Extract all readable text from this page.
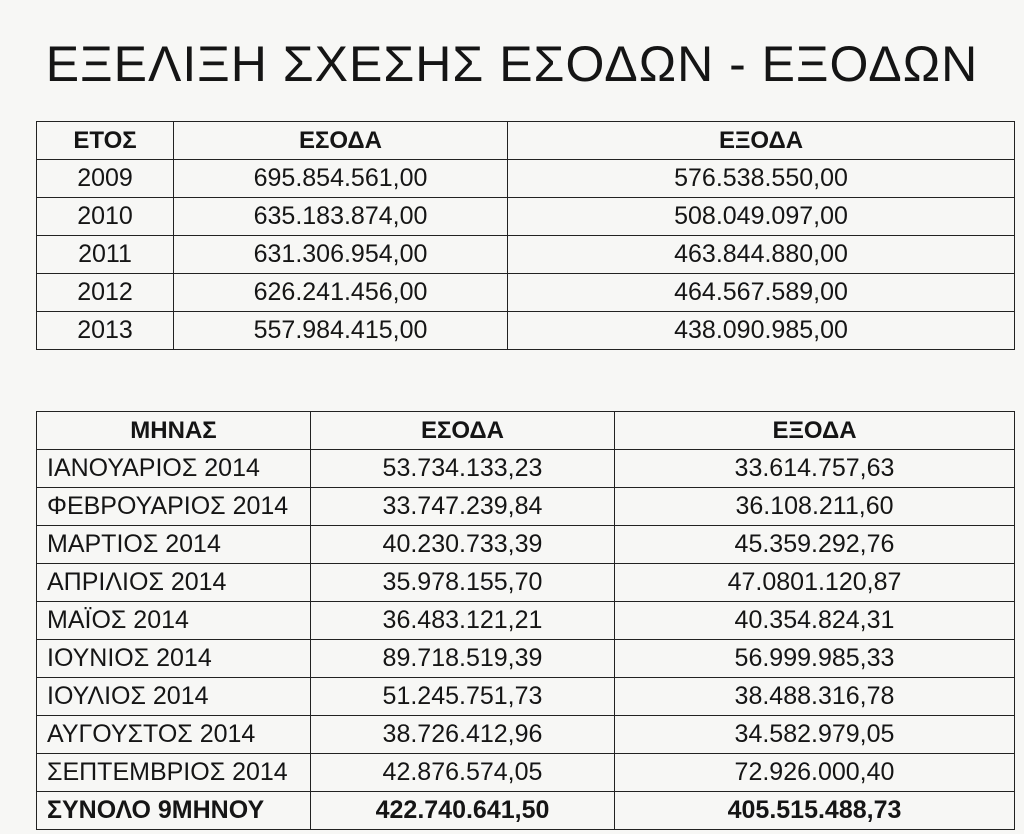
ΕΞΕΛΙΞΗ ΣΧΕΣΗΣ ΕΣΟΔΩΝ - ΕΞΟΔΩΝ
ΕΤΟΣ	ΕΣΟΔΑ	ΕΞΟΔΑ
2009	695.854.561,00	576.538.550,00
2010	635.183.874,00	508.049.097,00
2011	631.306.954,00	463.844.880,00
2012	626.241.456,00	464.567.589,00
2013	557.984.415,00	438.090.985,00
ΜΗΝΑΣ	ΕΣΟΔΑ	ΕΞΟΔΑ
ΙΑΝΟΥΑΡΙΟΣ 2014	53.734.133,23	33.614.757,63
ΦΕΒΡΟΥΑΡΙΟΣ 2014	33.747.239,84	36.108.211,60
ΜΑΡΤΙΟΣ 2014	40.230.733,39	45.359.292,76
ΑΠΡΙΛΙΟΣ 2014	35.978.155,70	47.0801.120,87
ΜΑΪΟΣ 2014	36.483.121,21	40.354.824,31
ΙΟΥΝΙΟΣ 2014	89.718.519,39	56.999.985,33
ΙΟΥΛΙΟΣ 2014	51.245.751,73	38.488.316,78
ΑΥΓΟΥΣΤΟΣ 2014	38.726.412,96	34.582.979,05
ΣΕΠΤΕΜΒΡΙΟΣ 2014	42.876.574,05	72.926.000,40
ΣΥΝΟΛΟ 9ΜΗΝΟΥ	422.740.641,50	405.515.488,73
